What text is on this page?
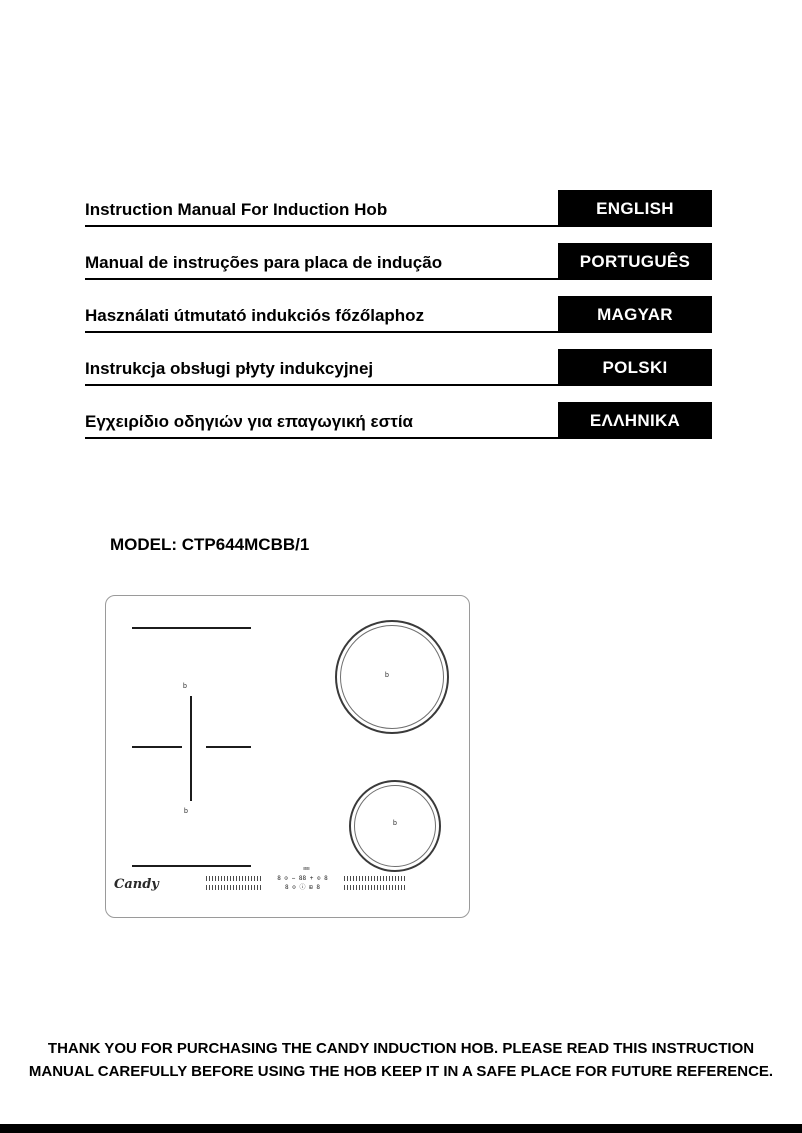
Instruction Manual For Induction Hob	ENGLISH
Manual de instruções para placa de indução	PORTUGUÊS
Használati útmutató indukciós főzőlaphoz	MAGYAR
Instrukcja obsługi płyty indukcyjnej	POLSKI
Εγχειρίδιο οδηγιών για επαγωγική εστία	ΕΛΛΗΝΙΚΑ
MODEL: CTP644MCBB/1
b
b
b
b
≡≡≡
8 ⊙ − 88 + ⊙ 8
8 ⊙ ⓘ ⊞ 8
Candy
THANK YOU FOR PURCHASING THE CANDY INDUCTION HOB. PLEASE READ THIS INSTRUCTION
MANUAL CAREFULLY BEFORE USING THE HOB KEEP IT IN A SAFE PLACE FOR FUTURE REFERENCE.
